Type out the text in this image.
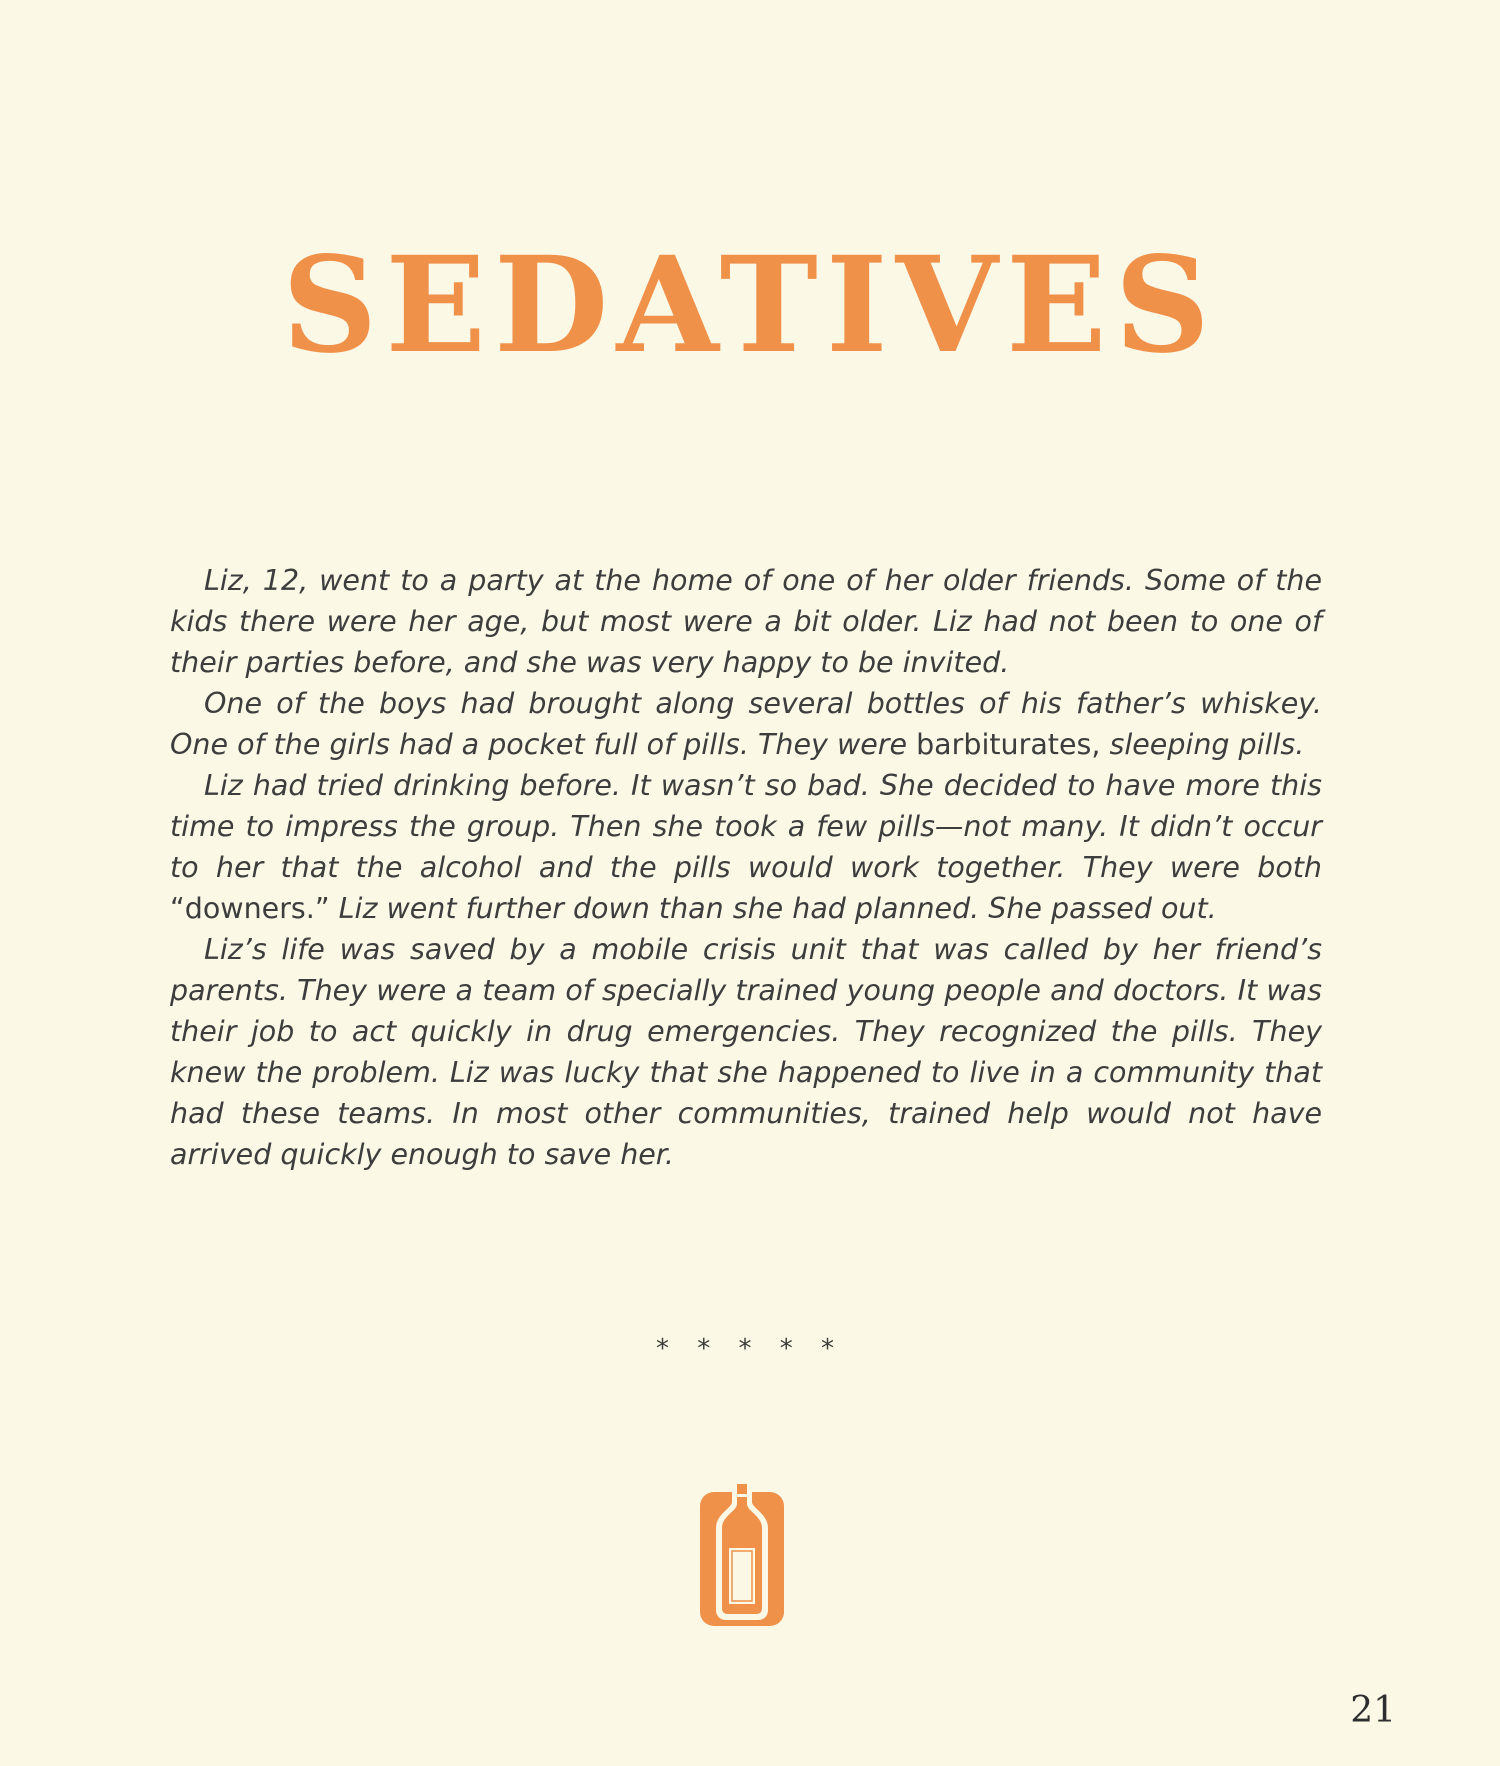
SEDATIVES

Liz, 12, went to a party at the home of one of her older friends. Some of the kids there were her age, but most were a bit older. Liz had not been to one of their parties before, and she was very happy to be invited.

One of the boys had brought along several bottles of his father’s whiskey. One of the girls had a pocket full of pills. They were barbiturates, sleeping pills.

Liz had tried drinking before. It wasn’t so bad. She decided to have more this time to impress the group. Then she took a few pills—not many. It didn’t occur to her that the alcohol and the pills would work together. They were both “downers.” Liz went further down than she had planned. She passed out.

Liz’s life was saved by a mobile crisis unit that was called by her friend’s parents. They were a team of specially trained young people and doctors. It was their job to act quickly in drug emergencies. They recognized the pills. They knew the problem. Liz was lucky that she happened to live in a community that had these teams. In most other communities, trained help would not have arrived quickly enough to save her.

* * * * *
21
